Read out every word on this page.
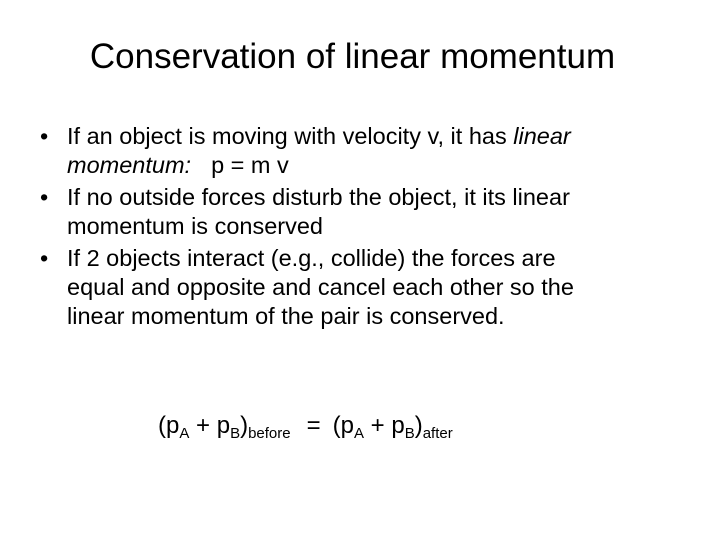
Conservation of linear momentum
• If an object is moving with velocity v, it has linear
momentum: p = m v
• If no outside forces disturb the object, it its linear
momentum is conserved
• If 2 objects interact (e.g., collide) the forces are
equal and opposite and cancel each other so the
linear momentum of the pair is conserved.
$(p_A + p_B)_{before} = (p_A + p_B)_{after}$
